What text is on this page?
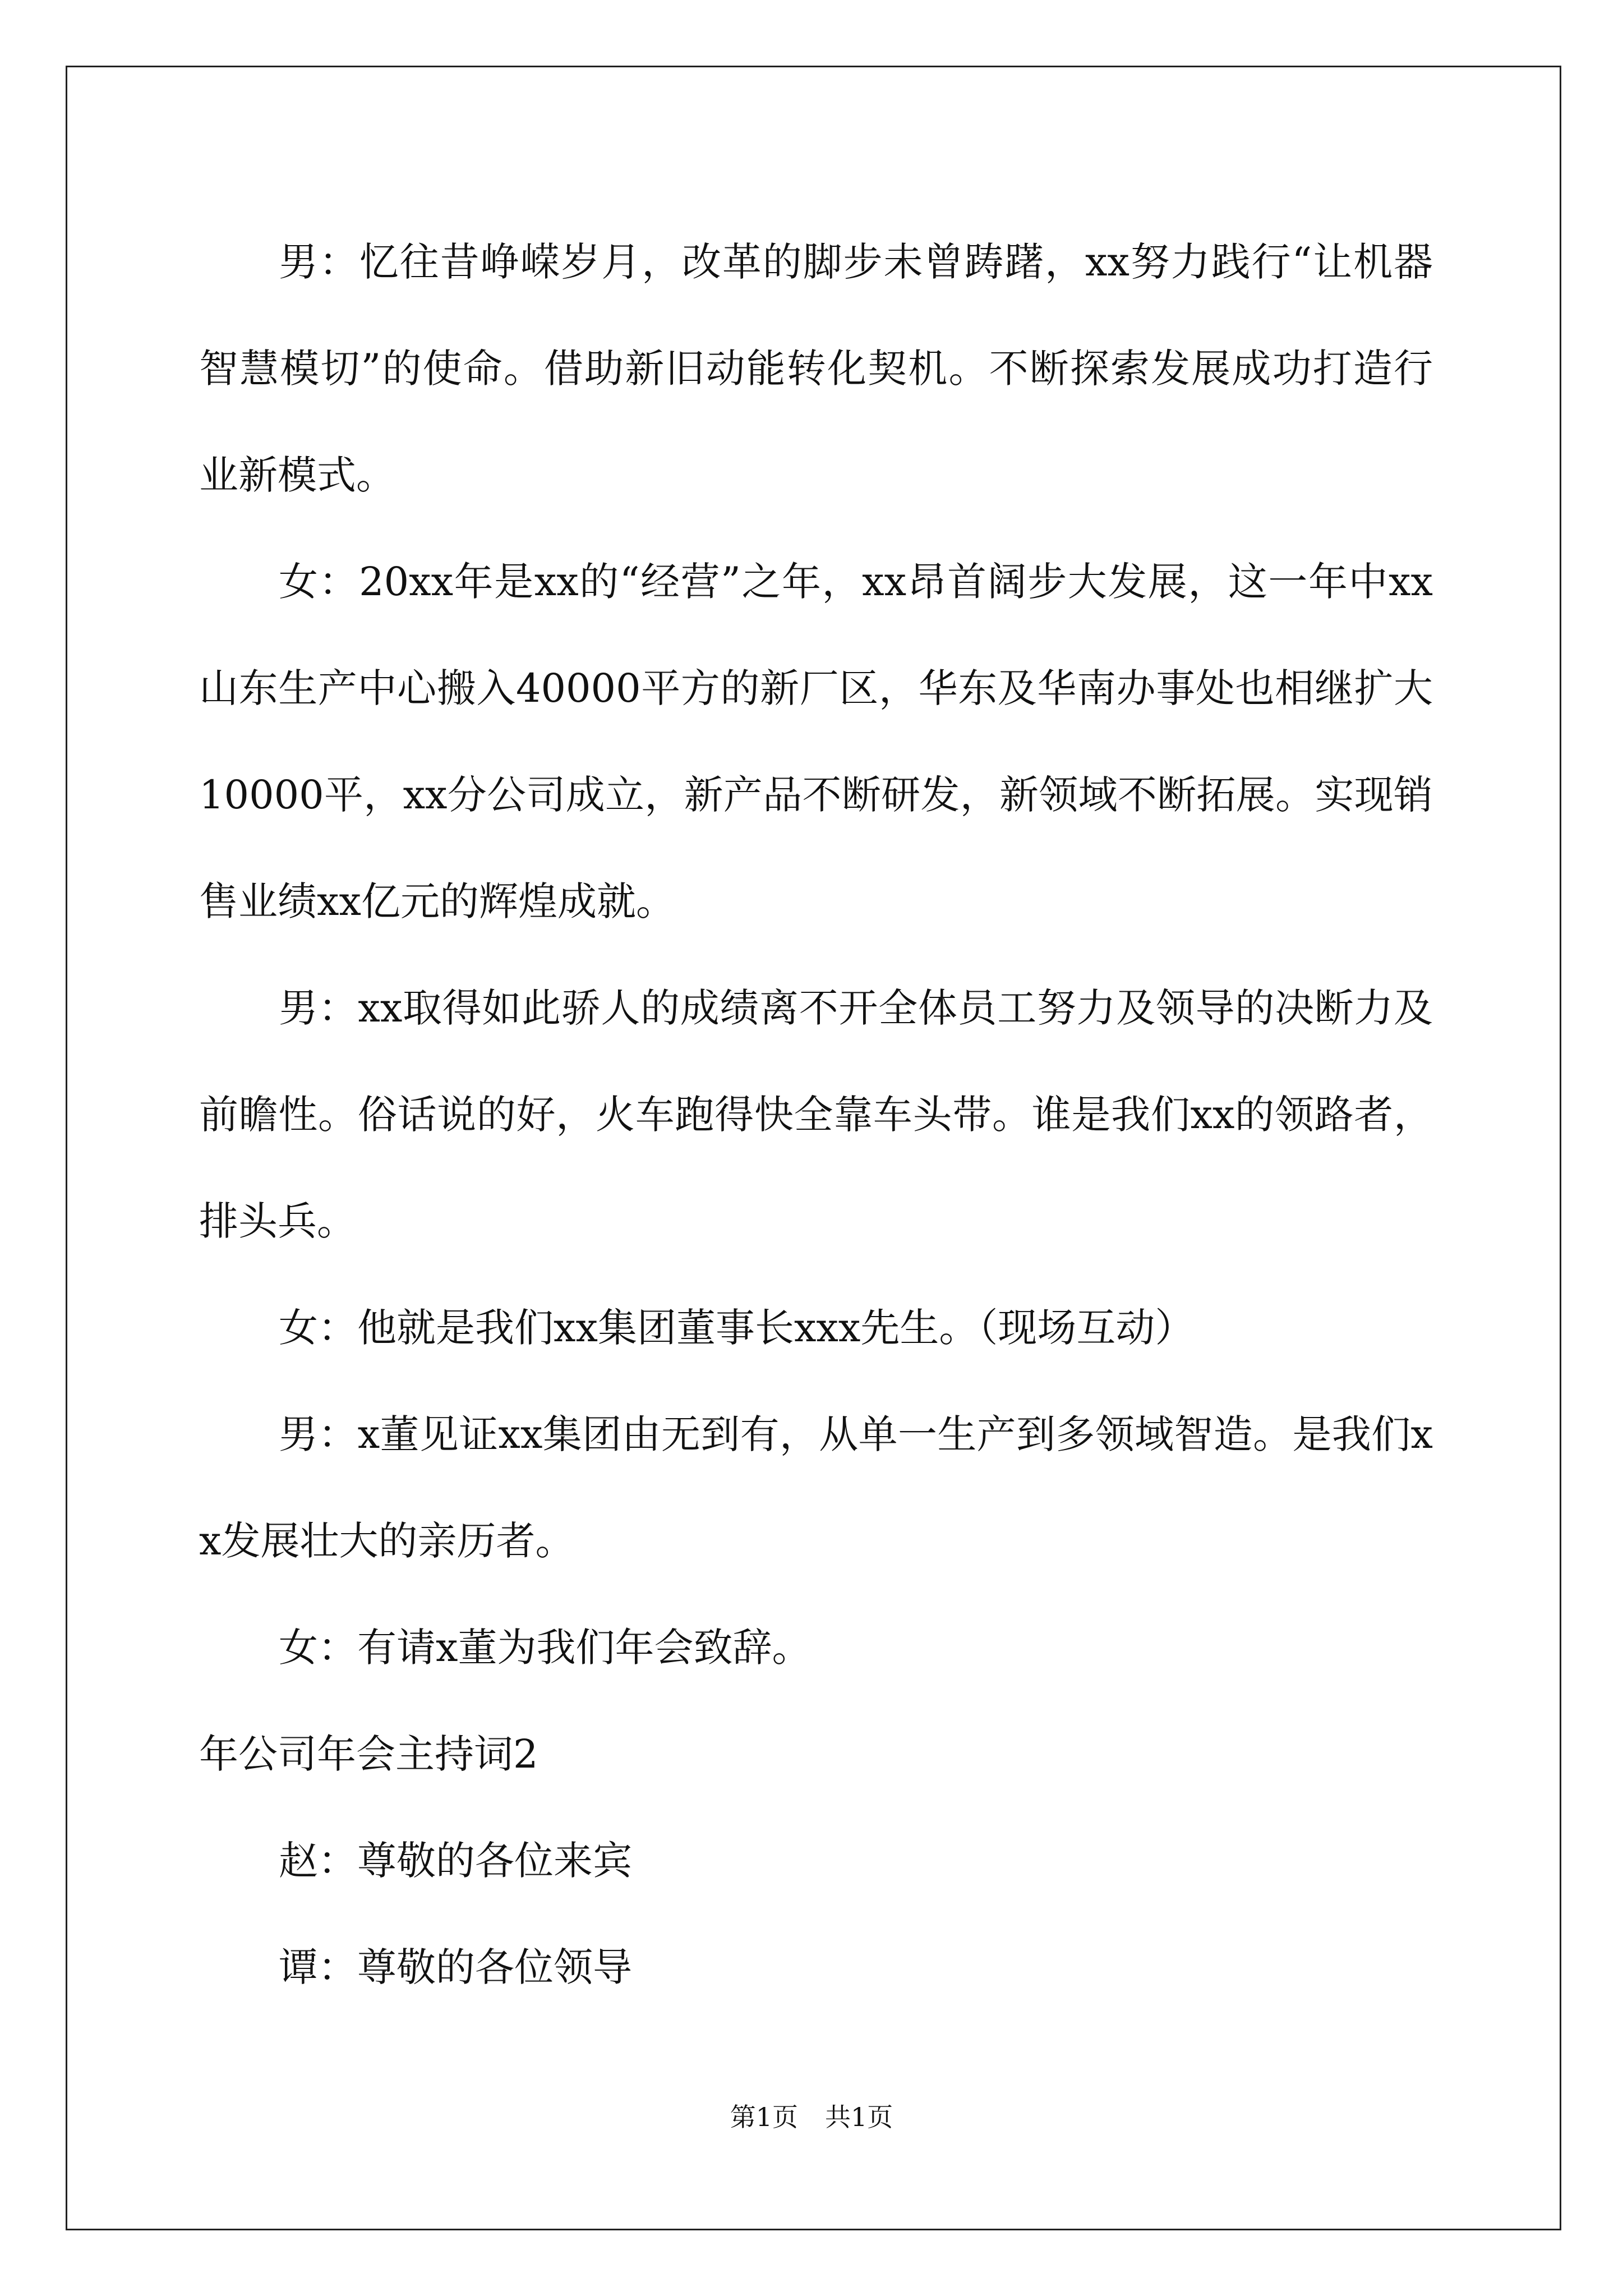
男：忆往昔峥嵘岁月，改革的脚步未曾踌躇，xx努力践行“让机器智慧模切”的使命。借助新旧动能转化契机。不断探索发展成功打造行业新模式。

女：20xx年是xx的“经营”之年，xx昂首阔步大发展，这一年中xx山东生产中心搬入40000平方的新厂区，华东及华南办事处也相继扩大10000平，xx分公司成立，新产品不断研发，新领域不断拓展。实现销售业绩xx亿元的辉煌成就。

男：xx取得如此骄人的成绩离不开全体员工努力及领导的决断力及前瞻性。俗话说的好，火车跑得快全靠车头带。谁是我们xx的领路者，排头兵。

女：他就是我们xx集团董事长xxx先生。（现场互动）

男：x董见证xx集团由无到有，从单一生产到多领域智造。是我们xx发展壮大的亲历者。

女：有请x董为我们年会致辞。

年公司年会主持词2

赵：尊敬的各位来宾

谭：尊敬的各位领导

第1页 共1页
